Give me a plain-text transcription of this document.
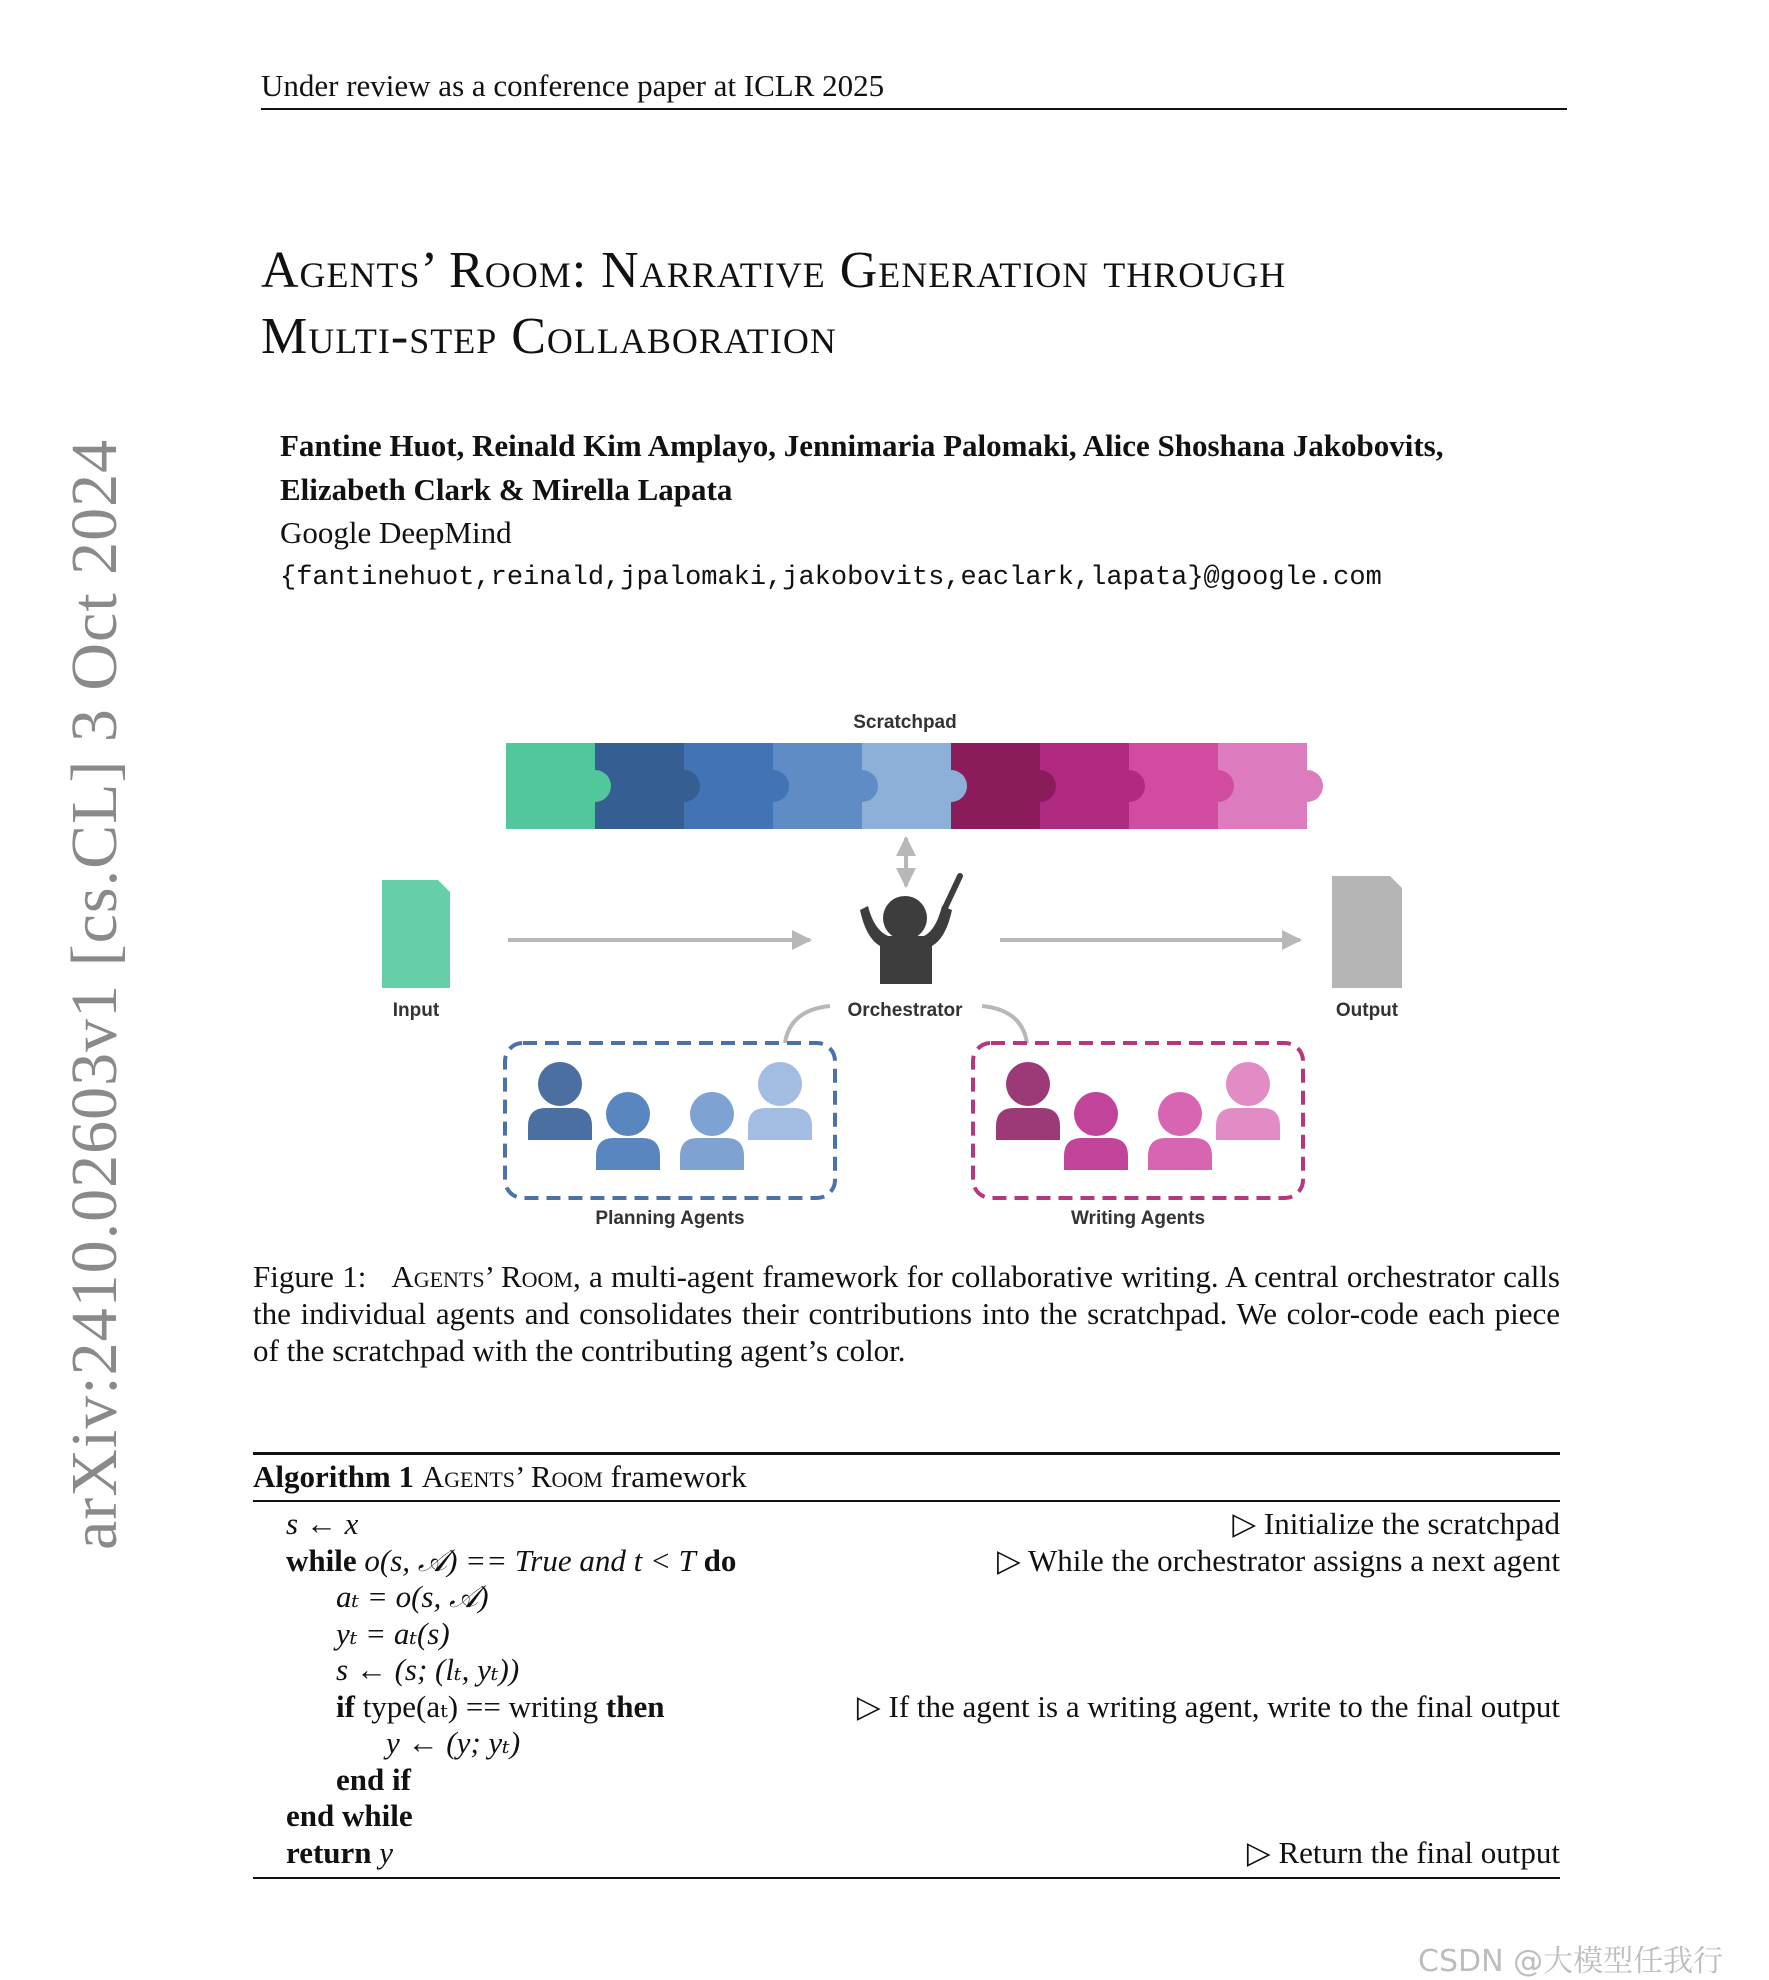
Under review as a conference paper at ICLR 2025
Agents’ Room: Narrative Generation through
Multi-step Collaboration
Fantine Huot, Reinald Kim Amplayo, Jennimaria Palomaki, Alice Shoshana Jakobovits,
Elizabeth Clark & Mirella Lapata
Google DeepMind
{fantinehuot,reinald,jpalomaki,jakobovits,eaclark,lapata}@google.com
arXiv:2410.02603v1 [cs.CL] 3 Oct 2024	Scratchpad
Input	Orchestrator	Output
Planning Agents	Writing Agents
Figure 1: Agents’ Room, a multi-agent framework for collaborative writing. A central orchestrator calls the individual agents and consolidates their contributions into the scratchpad. We color-code each piece of the scratchpad with the contributing agent’s color.
Algorithm 1 Agents’ Room framework
s ← x	▷ Initialize the scratchpad
while o(s, 𝒜) == True and t < T do	▷ While the orchestrator assigns a next agent
aₜ = o(s, 𝒜)
yₜ = aₜ(s)
s ← (s; (lₜ, yₜ))
if type(aₜ) == writing then	▷ If the agent is a writing agent, write to the final output
y ← (y; yₜ)
end if
end while
return y	▷ Return the final output
CSDN @大模型任我行
